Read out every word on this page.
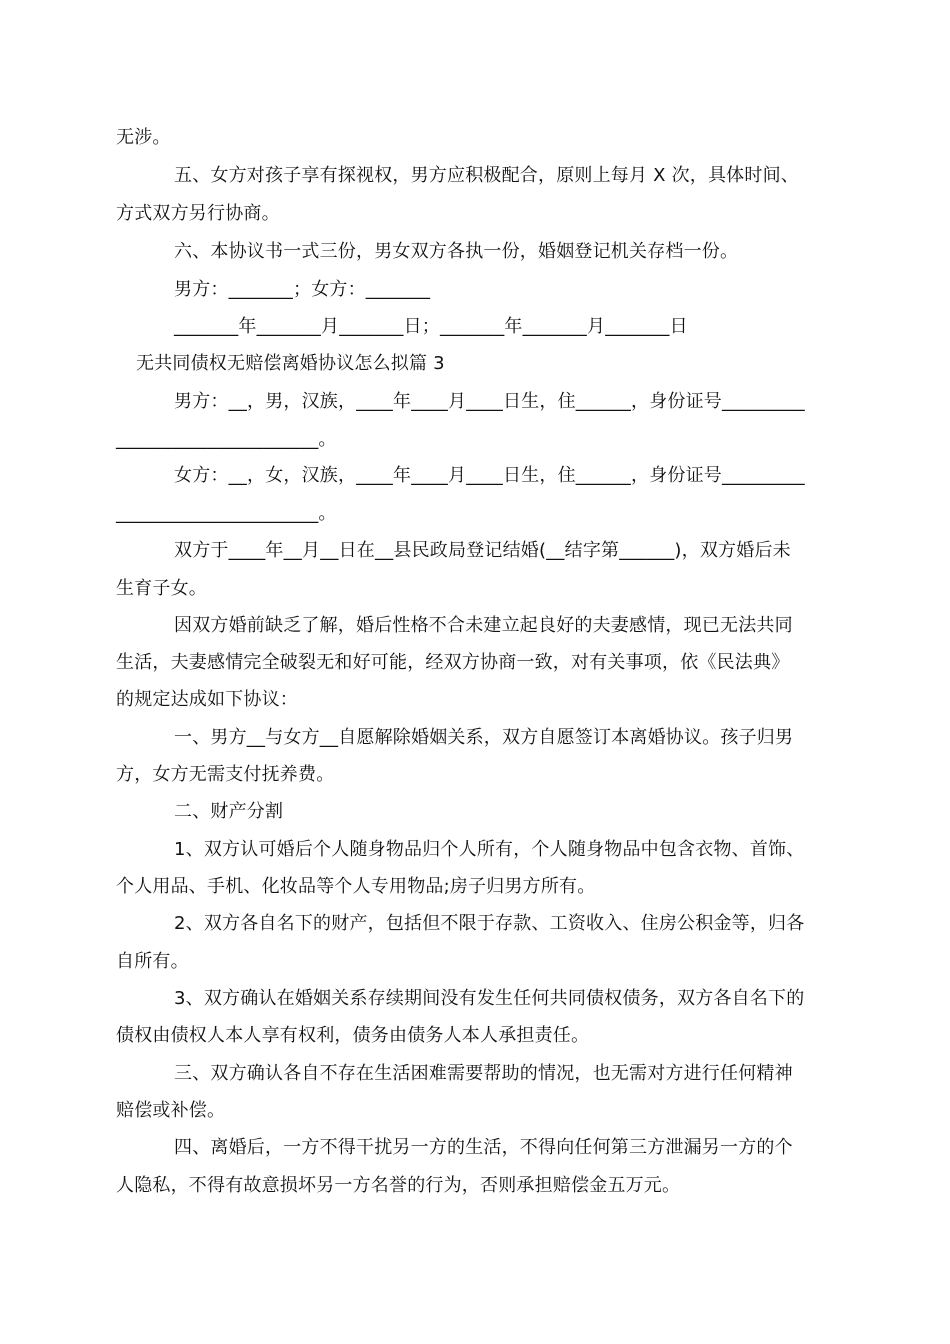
无涉。
五、女方对孩子享有探视权，男方应积极配合，原则上每月 X 次，具体时间、
方式双方另行协商。
六、本协议书一式三份，男女双方各执一份，婚姻登记机关存档一份。
男方：_______；女方：_______
_______年_______月_______日；_______年_______月_______日
无共同债权无赔偿离婚协议怎么拟篇 3
男方：__，男，汉族，____年____月____日生，住______，身份证号_________
______________________。
女方：__，女，汉族，____年____月____日生，住______，身份证号_________
______________________。
双方于____年__月__日在__县民政局登记结婚(__结字第______)，双方婚后未
生育子女。
因双方婚前缺乏了解，婚后性格不合未建立起良好的夫妻感情，现已无法共同
生活，夫妻感情完全破裂无和好可能，经双方协商一致，对有关事项，依《民法典》
的规定达成如下协议：
一、男方__与女方__自愿解除婚姻关系，双方自愿签订本离婚协议。孩子归男
方，女方无需支付抚养费。
二、财产分割
1、双方认可婚后个人随身物品归个人所有，个人随身物品中包含衣物、首饰、
个人用品、手机、化妆品等个人专用物品;房子归男方所有。
2、双方各自名下的财产，包括但不限于存款、工资收入、住房公积金等，归各
自所有。
3、双方确认在婚姻关系存续期间没有发生任何共同债权债务，双方各自名下的
债权由债权人本人享有权利，债务由债务人本人承担责任。
三、双方确认各自不存在生活困难需要帮助的情况，也无需对方进行任何精神
赔偿或补偿。
四、离婚后，一方不得干扰另一方的生活，不得向任何第三方泄漏另一方的个
人隐私，不得有故意损坏另一方名誉的行为，否则承担赔偿金五万元。
